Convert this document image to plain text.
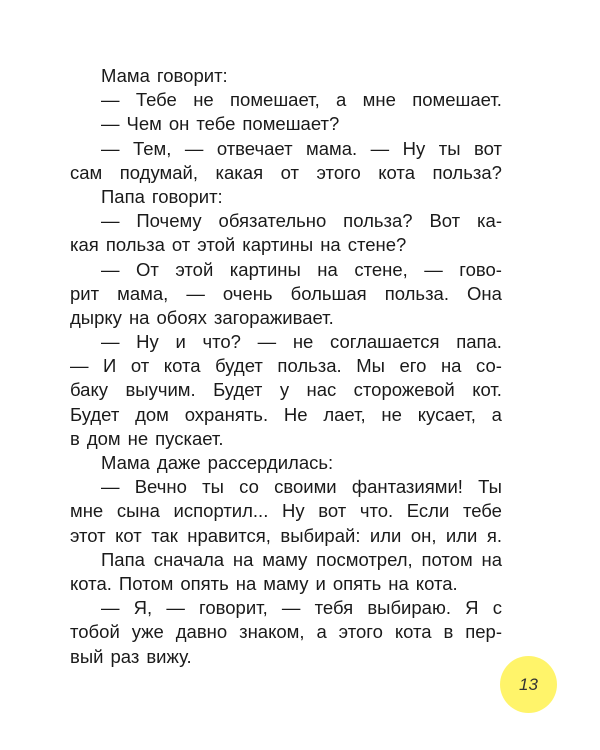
Мама говорит:
— Тебе не помешает, а мне помешает.
— Чем он тебе помешает?
— Тем, — отвечает мама. — Ну ты вот
сам подумай, какая от этого кота польза?
Папа говорит:
— Почему обязательно польза? Вот ка-
кая польза от этой картины на стене?
— От этой картины на стене, — гово-
рит мама, — очень большая польза. Она
дырку на обоях загораживает.
— Ну и что? — не соглашается папа.
— И от кота будет польза. Мы его на со-
баку выучим. Будет у нас сторожевой кот.
Будет дом охранять. Не лает, не кусает, а
в дом не пускает.
Мама даже рассердилась:
— Вечно ты со своими фантазиями! Ты
мне сына испортил... Ну вот что. Если тебе
этот кот так нравится, выбирай: или он, или я.
Папа сначала на маму посмотрел, потом на
кота. Потом опять на маму и опять на кота.
— Я, — говорит, — тебя выбираю. Я с
тобой уже давно знаком, а этого кота в пер-
вый раз вижу.
13
